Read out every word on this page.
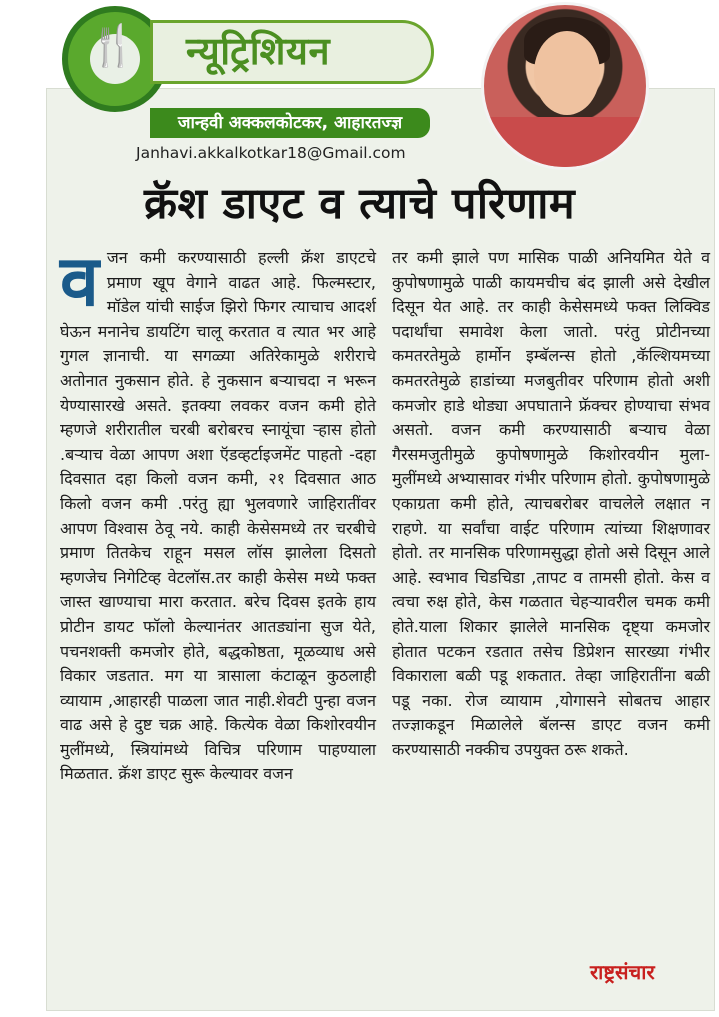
🍴 न्यूट्रिशियन
जान्हवी अक्कलकोटकर, आहारतज्ज्ञ
Janhavi.akkalkotkar18@Gmail.com
क्रॅश डाएट व त्याचे परिणाम
व जन कमी करण्यासाठी हल्ली क्रॅश डाएटचे प्रमाण खूप वेगाने वाढत आहे. फिल्मस्टार, मॉडेल यांची साईज झिरो फिगर त्याचाच आदर्श घेऊन मनानेच डायटिंग चालू करतात व त्यात भर आहे गुगल ज्ञानाची. या सगळ्या अतिरेकामुळे शरीराचे अतोनात नुकसान होते. हे नुकसान बऱ्याचदा न भरून येण्यासारखे असते. इतक्या लवकर वजन कमी होते म्हणजे शरीरातील चरबी बरोबरच स्नायूंचा ऱ्हास होतो .बऱ्याच वेळा आपण अशा ऍडव्हर्टाइजमेंट पाहतो -दहा दिवसात दहा किलो वजन कमी, २१ दिवसात आठ किलो वजन कमी .परंतु ह्या भुलवणारे जाहिरातींवर आपण विश्वास ठेवू नये. काही केसेसमध्ये तर चरबीचे प्रमाण तितकेच राहून मसल लॉस झालेला दिसतो म्हणजेच निगेटिव्ह वेटलॉस.तर काही केसेस मध्ये फक्त जास्त खाण्याचा मारा करतात. बरेच दिवस इतके हाय प्रोटीन डायट फॉलो केल्यानंतर आतड्यांना सुज येते, पचनशक्ती कमजोर होते, बद्धकोष्ठता, मूळव्याध असे विकार जडतात. मग या त्रासाला कंटाळून कुठलाही व्यायाम ,आहारही पाळला जात नाही.शेवटी पुन्हा वजन वाढ असे हे दुष्ट चक्र आहे. कित्येक वेळा किशोरवयीन मुलींमध्ये, स्त्रियांमध्ये विचित्र परिणाम पाहण्याला मिळतात. क्रॅश डाएट सुरू केल्यावर वजन

तर कमी झाले पण मासिक पाळी अनियमित येते व कुपोषणामुळे पाळी कायमचीच बंद झाली असे देखील दिसून येत आहे. तर काही केसेसमध्ये फक्त लिक्विड पदार्थांचा समावेश केला जातो. परंतु प्रोटीनच्या कमतरतेमुळे हार्मोन इम्बॅलन्स होतो ,कॅल्शियमच्या कमतरतेमुळे हाडांच्या मजबुतीवर परिणाम होतो अशी कमजोर हाडे थोड्या अपघाताने फ्रॅक्चर होण्याचा संभव असतो. वजन कमी करण्यासाठी बऱ्याच वेळा गैरसमजुतीमुळे कुपोषणामुळे किशोरवयीन मुला-मुलींमध्ये अभ्यासावर गंभीर परिणाम होतो. कुपोषणामुळे एकाग्रता कमी होते, त्याचबरोबर वाचलेले लक्षात न राहणे. या सर्वांचा वाईट परिणाम त्यांच्या शिक्षणावर होतो. तर मानसिक परिणामसुद्धा होतो असे दिसून आले आहे. स्वभाव चिडचिडा ,तापट व तामसी होतो. केस व त्वचा रुक्ष होते, केस गळतात चेहऱ्यावरील चमक कमी होते.याला शिकार झालेले मानसिक दृष्ट्या कमजोर होतात पटकन रडतात तसेच डिप्रेशन सारख्या गंभीर विकाराला बळी पडू शकतात. तेव्हा जाहिरातींना बळी पडू नका. रोज व्यायाम ,योगासने सोबतच आहार तज्ज्ञाकडून मिळालेले बॅलन्स डाएट वजन कमी करण्यासाठी नक्कीच उपयुक्त ठरू शकते.

राष्ट्रसंचार
